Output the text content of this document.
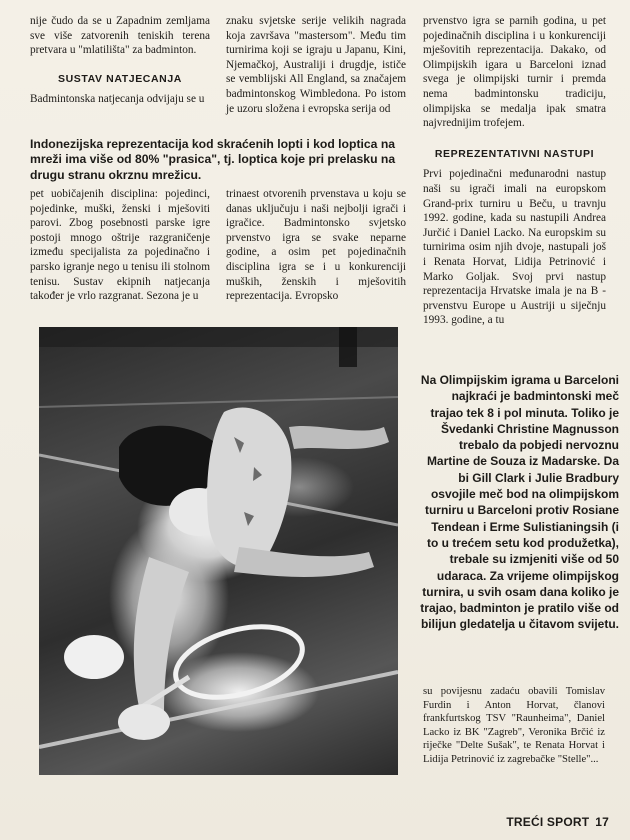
nije čudo da se u Zapadnim zemljama sve više zatvorenih teniskih terena pretvara u "mlatilišta" za badminton.

SUSTAV NATJECANJA

Badmintonska natjecanja odvijaju se u

znaku svjetske serije velikih nagrada koja završava "mastersom". Među tim turnirima koji se igraju u Japanu, Kini, Njemačkoj, Australiji i drugdje, ističe se vembliјski All England, sa značajem badmintonskog Wimbledona. Po istom je uzoru složena i evropska serija od

prvenstvo igra se parnih godina, u pet pojedinačnih disciplina i u konkurenciji mješovitih reprezentacija. Dakako, od Olimpijskih igara u Barceloni iznad svega je olimpijski turnir i premda nema badmintonsku tradiciju, olimpijska se medalja ipak smatra najvrednijim trofejem.

REPREZENTATIVNI NASTUPI

Prvi pojedinačni međunarodni nastup naši su igrači imali na europskom Grand-prix turniru u Beču, u travnju 1992. godine, kada su nastupili Andrea Jurčić i Daniel Lacko. Na europskim su turnirima osim njih dvoje, nastupali još i Renata Horvat, Lidija Petrinović i Marko Goljak. Svoj prvi nastup reprezentacija Hrvatske imala je na B - prvenstvu Europe u Austriji u siječnju 1993. godine, a tu

Indonezijska reprezentacija kod skraćenih lopti i kod loptica na mreži ima više od 80% "prasica", tj. loptica koje pri prelasku na drugu stranu okrznu mrežicu.

pet uobičajenih disciplina: pojedinci, pojedinke, muški, ženski i mješoviti parovi. Zbog posebnosti parske igre postoji mnogo oštrije razgraničenje između specijalista za pojedinačno i parsko igranje nego u tenisu ili stolnom tenisu. Sustav ekipnih natjecanja također je vrlo razgranat. Sezona je u

trinaest otvorenih prvenstava u koju se danas uključuju i naši nejbolji igrači i igračice. Badmintonsko svjetsko prvenstvo igra se svake neparne godine, a osim pet pojedinačnih disciplina igra se i u konkurenciji muških, ženskih i mješovitih reprezentacija. Evropsko

Na Olimpijskim igrama u Barceloni najkraći je badmintonski meč trajao tek 8 i pol minuta. Toliko je Švedanki Christine Magnusson trebalo da pobjedi nervoznu Martine de Souza iz Madarske. Da bi Gill Clark i Julie Bradbury osvojile meč bod na olimpijskom turniru u Barceloni protiv Rosiane Tendean i Erme Sulistianingsih (i to u trećem setu kod produžetka), trebale su izmjeniti više od 50 udaraca. Za vrijeme olimpijskog turnira, u svih osam dana koliko je trajao, badminton je pratilo više od bilijun gledatelja u čitavom svijetu.
su povijesnu zadaću obavili Tomislav Furdin i Anton Horvat, članovi frankfurtskog TSV "Raunheima", Daniel Lacko iz BK "Zagreb", Veronika Brčić iz riječke "Delte Sušak", te Renata Horvat i Lidija Petrinović iz zagrebačke "Stelle"...
TREĆI SPORT 17
